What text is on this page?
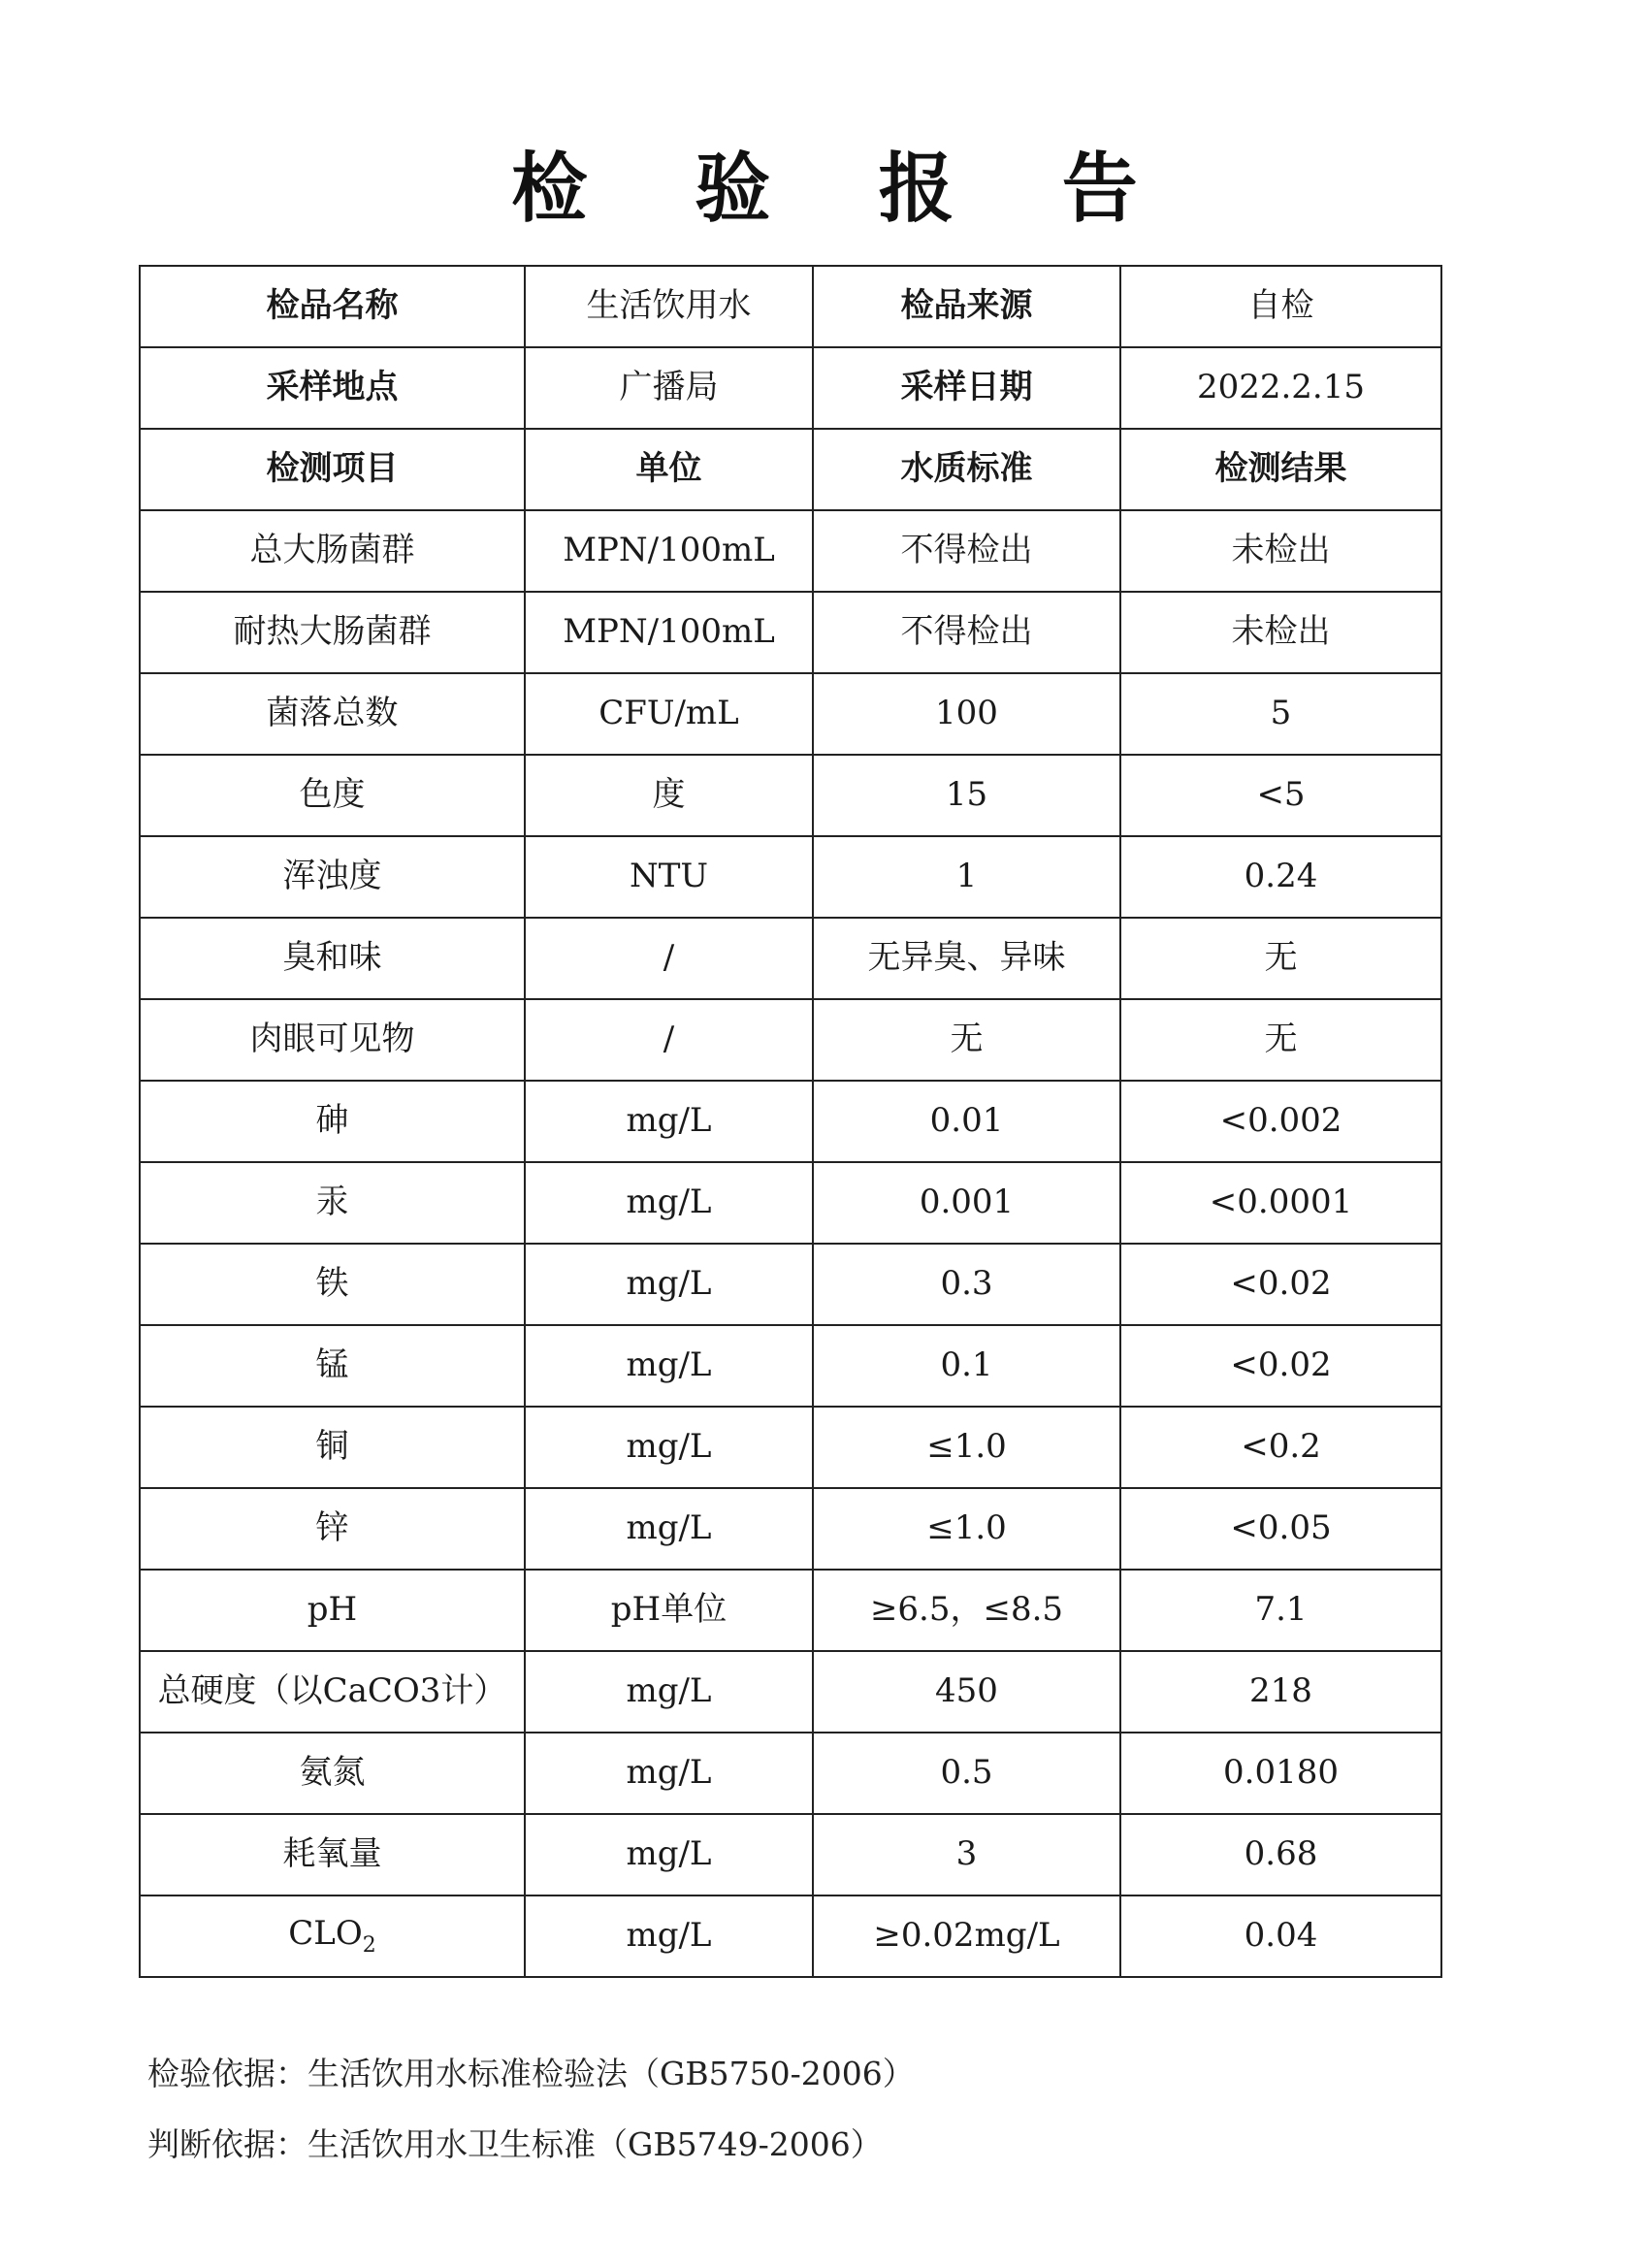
检 验 报 告
检品名称	生活饮用水	检品来源	自检
采样地点	广播局	采样日期	2022.2.15
检测项目	单位	水质标准	检测结果
总大肠菌群	MPN/100mL	不得检出	未检出
耐热大肠菌群	MPN/100mL	不得检出	未检出
菌落总数	CFU/mL	100	5
色度	度	15	<5
浑浊度	NTU	1	0.24
臭和味	/	无异臭、异味	无
肉眼可见物	/	无	无
砷	mg/L	0.01	<0.002
汞	mg/L	0.001	<0.0001
铁	mg/L	0.3	<0.02
锰	mg/L	0.1	<0.02
铜	mg/L	≤1.0	<0.2
锌	mg/L	≤1.0	<0.05
pH	pH单位	≥6.5，≤8.5	7.1
总硬度（以CaCO3计）	mg/L	450	218
氨氮	mg/L	0.5	0.0180
耗氧量	mg/L	3	0.68
$CLO_2$	mg/L	≥0.02mg/L	0.04
检验依据：生活饮用水标准检验法（GB5750-2006）
判断依据：生活饮用水卫生标准（GB5749-2006）
